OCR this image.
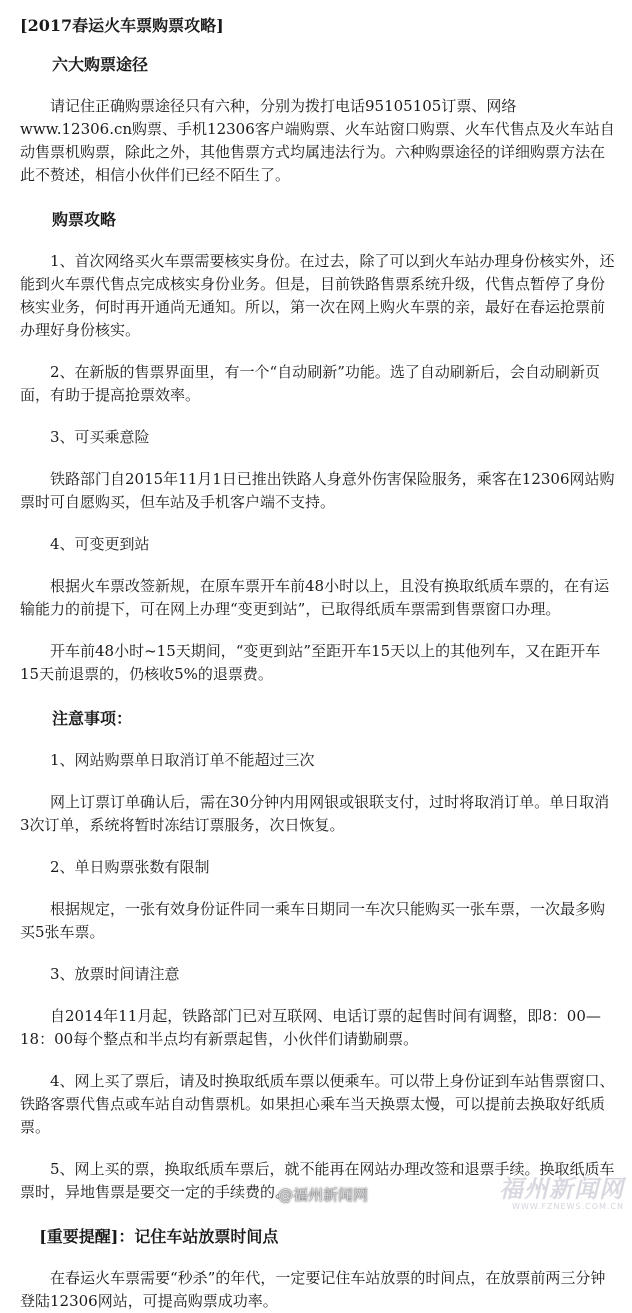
[2017春运火车票购票攻略]

六大购票途径

请记住正确购票途径只有六种，分别为拨打电话95105105订票、网络www.12306.cn购票、手机12306客户端购票、火车站窗口购票、火车代售点及火车站自动售票机购票，除此之外，其他售票方式均属违法行为。六种购票途径的详细购票方法在此不赘述，相信小伙伴们已经不陌生了。

购票攻略

1、首次网络买火车票需要核实身份。在过去，除了可以到火车站办理身份核实外，还能到火车票代售点完成核实身份业务。但是，目前铁路售票系统升级，代售点暂停了身份核实业务，何时再开通尚无通知。所以，第一次在网上购火车票的亲，最好在春运抢票前办理好身份核实。

2、在新版的售票界面里，有一个“自动刷新”功能。选了自动刷新后，会自动刷新页面，有助于提高抢票效率。

3、可买乘意险

铁路部门自2015年11月1日已推出铁路人身意外伤害保险服务，乘客在12306网站购票时可自愿购买，但车站及手机客户端不支持。

4、可变更到站

根据火车票改签新规，在原车票开车前48小时以上，且没有换取纸质车票的，在有运输能力的前提下，可在网上办理“变更到站”，已取得纸质车票需到售票窗口办理。

开车前48小时~15天期间，“变更到站”至距开车15天以上的其他列车，又在距开车15天前退票的，仍核收5%的退票费。

注意事项：

1、网站购票单日取消订单不能超过三次

网上订票订单确认后，需在30分钟内用网银或银联支付，过时将取消订单。单日取消3次订单，系统将暂时冻结订票服务，次日恢复。

2、单日购票张数有限制

根据规定，一张有效身份证件同一乘车日期同一车次只能购买一张车票，一次最多购买5张车票。

3、放票时间请注意

自2014年11月起，铁路部门已对互联网、电话订票的起售时间有调整，即8：00—18：00每个整点和半点均有新票起售，小伙伴们请勤刷票。

4、网上买了票后，请及时换取纸质车票以便乘车。可以带上身份证到车站售票窗口、铁路客票代售点或车站自动售票机。如果担心乘车当天换票太慢，可以提前去换取好纸质票。

5、网上买的票，换取纸质车票后，就不能再在网站办理改签和退票手续。换取纸质车票时，异地售票是要交一定的手续费的。

[重要提醒]：记住车站放票时间点

在春运火车票需要“秒杀”的年代，一定要记住车站放票的时间点，在放票前两三分钟登陆12306网站，可提高购票成功率。

@福州新闻网	福州新闻网
WWW.FZNEWS.COM.CN
